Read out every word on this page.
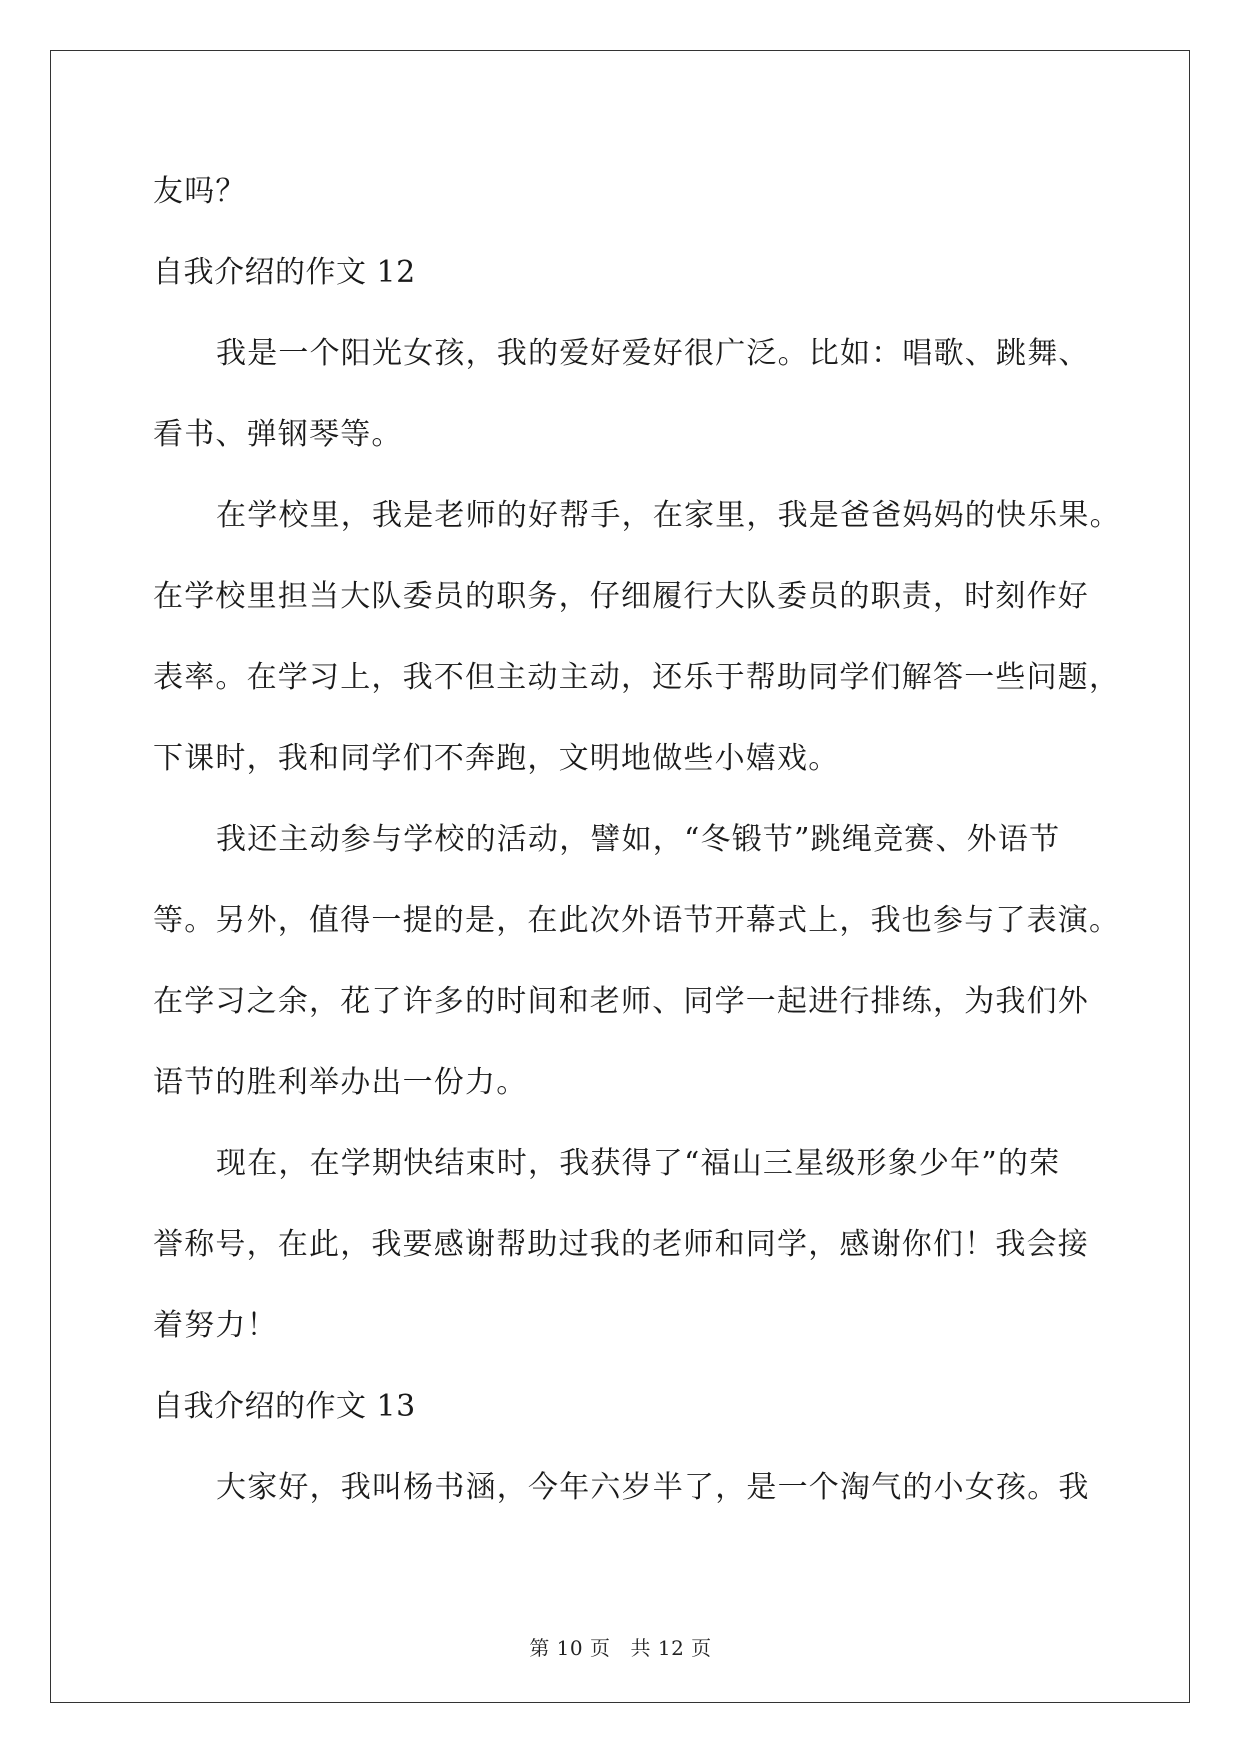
友吗？
自我介绍的作文 12
我是一个阳光女孩，我的爱好爱好很广泛。比如：唱歌、跳舞、
看书、弹钢琴等。
在学校里，我是老师的好帮手，在家里，我是爸爸妈妈的快乐果。
在学校里担当大队委员的职务，仔细履行大队委员的职责，时刻作好
表率。在学习上，我不但主动主动，还乐于帮助同学们解答一些问题，
下课时，我和同学们不奔跑，文明地做些小嬉戏。
我还主动参与学校的活动，譬如，“冬锻节”跳绳竞赛、外语节
等。另外，值得一提的是，在此次外语节开幕式上，我也参与了表演。
在学习之余，花了许多的时间和老师、同学一起进行排练，为我们外
语节的胜利举办出一份力。
现在，在学期快结束时，我获得了“福山三星级形象少年”的荣
誉称号，在此，我要感谢帮助过我的老师和同学，感谢你们！我会接
着努力！
自我介绍的作文 13
大家好，我叫杨书涵，今年六岁半了，是一个淘气的小女孩。我
第 10 页 共 12 页
